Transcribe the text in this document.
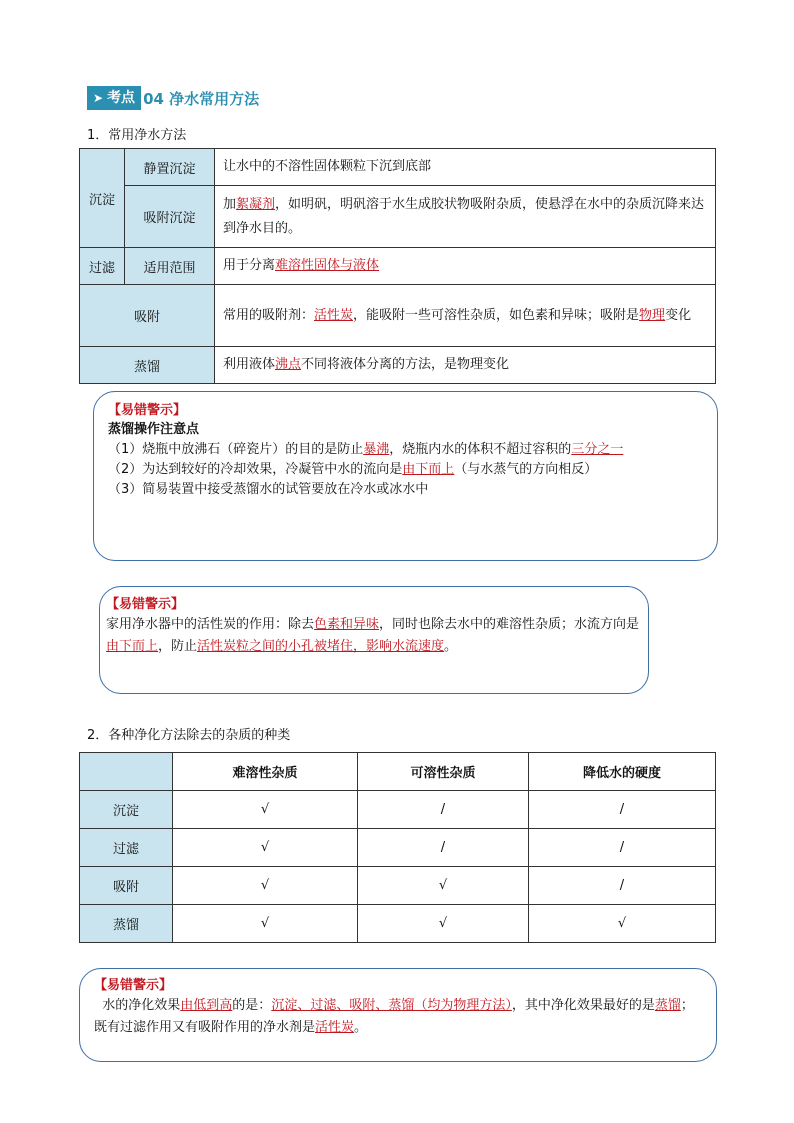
➤ 考点 04 净水常用方法
1．常用净水方法
沉淀	静置沉淀	让水中的不溶性固体颗粒下沉到底部
	吸附沉淀	加絮凝剂，如明矾，明矾溶于水生成胶状物吸附杂质，使悬浮在水中的杂质沉降来达到净水目的。
过滤	适用范围	用于分离难溶性固体与液体
吸附		常用的吸附剂：活性炭，能吸附一些可溶性杂质，如色素和异味；吸附是物理变化
蒸馏		利用液体沸点不同将液体分离的方法，是物理变化
【易错警示】
蒸馏操作注意点
（1）烧瓶中放沸石（碎瓷片）的目的是防止暴沸，烧瓶内水的体积不超过容积的三分之一
（2）为达到较好的冷却效果，冷凝管中水的流向是由下而上（与水蒸气的方向相反）
（3）简易装置中接受蒸馏水的试管要放在冷水或冰水中
【易错警示】
家用净水器中的活性炭的作用：除去色素和异味，同时也除去水中的难溶性杂质；水流方向是由下而上，防止活性炭粒之间的小孔被堵住，影响水流速度。
2．各种净化方法除去的杂质的种类
	难溶性杂质	可溶性杂质	降低水的硬度
沉淀	√	/	/
过滤	√	/	/
吸附	√	√	/
蒸馏	√	√	√
【易错警示】
水的净化效果由低到高的是：沉淀、过滤、吸附、蒸馏（均为物理方法），其中净化效果最好的是蒸馏；既有过滤作用又有吸附作用的净水剂是活性炭。
